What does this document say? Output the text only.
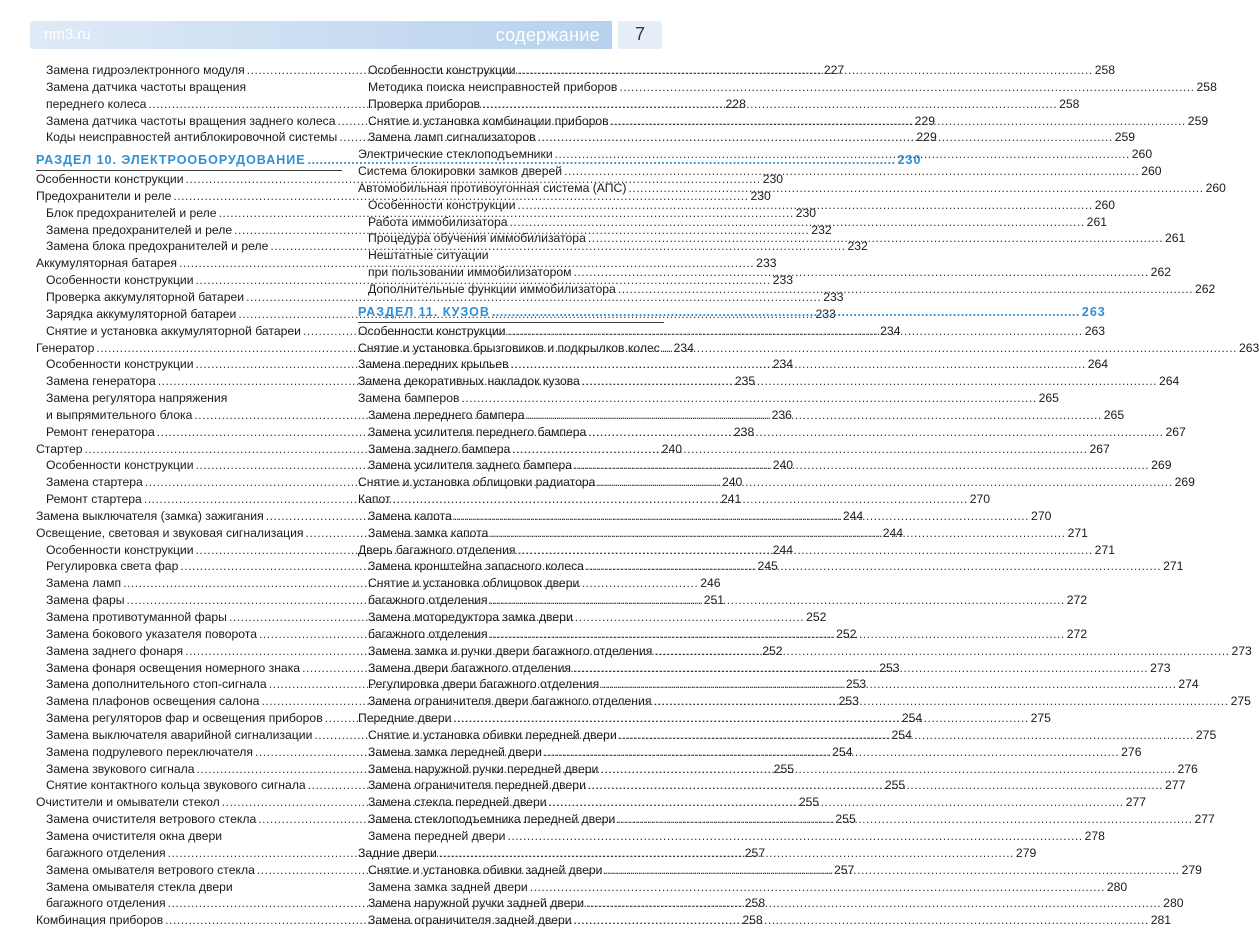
rim3.ru	содержание	7
Замена гидроэлектронного модуля .....	227
Замена датчика частоты вращения
переднего колеса .....	228
Замена датчика частоты вращения заднего колеса .....	229
Коды неисправностей антиблокировочной системы .....	229
РАЗДЕЛ 10. ЭЛЕКТРООБОРУДОВАНИЕ .....	230
Особенности конструкции .....	230
Предохранители и реле .....	230
Блок предохранителей и реле .....	230
Замена предохранителей и реле .....	232
Замена блока предохранителей и реле .....	232
Аккумуляторная батарея .....	233
Особенности конструкции .....	233
Проверка аккумуляторной батареи .....	233
Зарядка аккумуляторной батареи .....	233
Снятие и установка аккумуляторной батареи .....	234
Генератор .....	234
Особенности конструкции .....	234
Замена генератора .....	235
Замена регулятора напряжения
и выпрямительного блока .....	236
Ремонт генератора .....	238
Стартер .....	240
Особенности конструкции .....	240
Замена стартера .....	240
Ремонт стартера .....	241
Замена выключателя (замка) зажигания .....	244
Освещение, световая и звуковая сигнализация .....	244
Особенности конструкции .....	244
Регулировка света фар .....	245
Замена ламп .....	246
Замена фары .....	251
Замена противотуманной фары .....	252
Замена бокового указателя поворота .....	252
Замена заднего фонаря .....	252
Замена фонаря освещения номерного знака .....	253
Замена дополнительного стоп-сигнала .....	253
Замена плафонов освещения салона .....	253
Замена регуляторов фар и освещения приборов .....	254
Замена выключателя аварийной сигнализации .....	254
Замена подрулевого переключателя .....	254
Замена звукового сигнала .....	255
Снятие контактного кольца звукового сигнала .....	255
Очистители и омыватели стекол .....	255
Замена очистителя ветрового стекла .....	255
Замена очистителя окна двери
багажного отделения .....	257
Замена омывателя ветрового стекла .....	257
Замена омывателя стекла двери
багажного отделения .....	258
Комбинация приборов .....	258
Особенности конструкции .....	258
Методика поиска неисправностей приборов .....	258
Проверка приборов .....	258
Снятие и установка комбинации приборов .....	259
Замена ламп сигнализаторов .....	259
Электрические стеклоподъемники .....	260
Система блокировки замков дверей .....	260
Автомобильная противоугонная система (АПС) .....	260
Особенности конструкции .....	260
Работа иммобилизатора .....	261
Процедура обучения иммобилизатора .....	261
Нештатные ситуации
при пользовании иммобилизатором .....	262
Дополнительные функции иммобилизатора .....	262
РАЗДЕЛ 11. КУЗОВ .....	263
Особенности конструкции .....	263
Снятие и установка брызговиков и подкрылков колес .....	263
Замена передних крыльев .....	264
Замена декоративных накладок кузова .....	264
Замена бамперов .....	265
Замена переднего бампера .....	265
Замена усилителя переднего бампера .....	267
Замена заднего бампера .....	267
Замена усилителя заднего бампера .....	269
Снятие и установка облицовки радиатора .....	269
Капот .....	270
Замена капота .....	270
Замена замка капота .....	271
Дверь багажного отделения .....	271
Замена кронштейна запасного колеса .....	271
Снятие и установка облицовок двери
багажного отделения .....	272
Замена моторедуктора замка двери
багажного отделения .....	272
Замена замка и ручки двери багажного отделения .....	273
Замена двери багажного отделения .....	273
Регулировка двери багажного отделения .....	274
Замена ограничителя двери багажного отделения .....	275
Передние двери .....	275
Снятие и установка обивки передней двери .....	275
Замена замка передней двери .....	276
Замена наружной ручки передней двери .....	276
Замена ограничителя передней двери .....	277
Замена стекла передней двери .....	277
Замена стеклоподъемника передней двери .....	277
Замена передней двери .....	278
Задние двери .....	279
Снятие и установка обивки задней двери .....	279
Замена замка задней двери .....	280
Замена наружной ручки задней двери .....	280
Замена ограничителя задней двери .....	281
